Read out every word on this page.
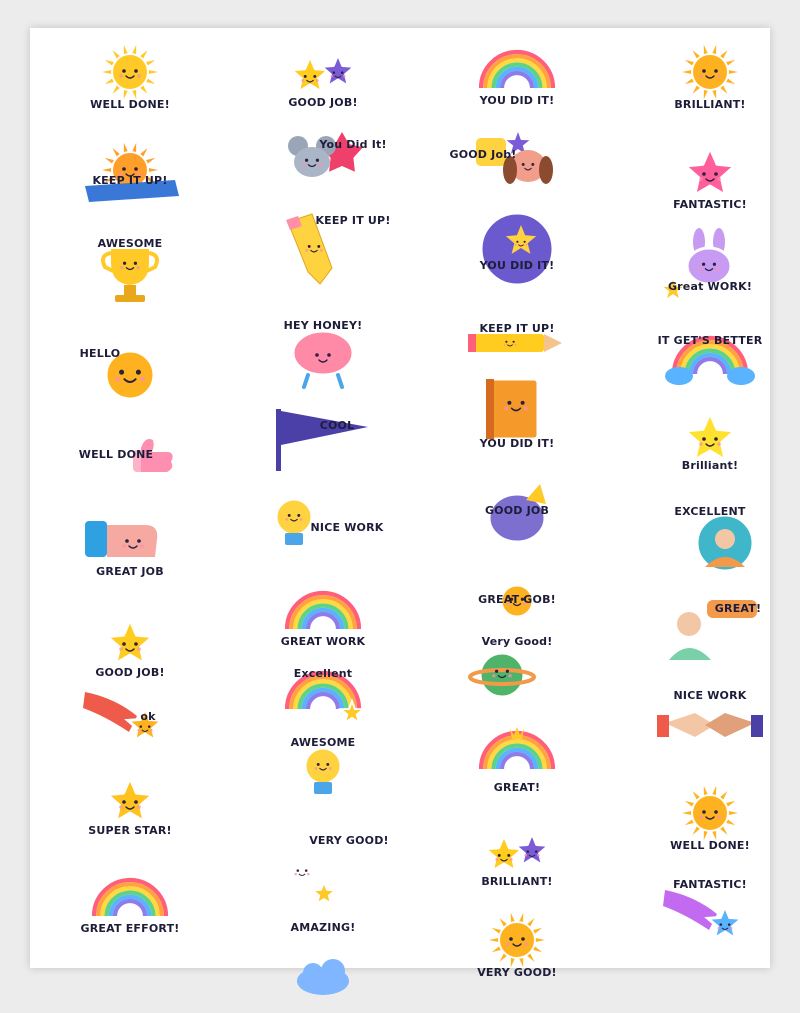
WELL DONE!
KEEP IT UP!
AWESOME
HELLO
WELL DONE
GREAT JOB
GOOD JOB!
ok
SUPER STAR!
GREAT EFFORT!
GOOD JOB!
You Did It!
KEEP IT UP!
HEY HONEY!
COOL
NICE WORK
GREAT WORK
Excellent
AWESOME
VERY GOOD!
AMAZING!
YOU DID IT!
GOOD Job!
YOU DID IT!
KEEP IT UP!
YOU DID IT!
GOOD JOB
GREAT GOB!
Very Good!
GREAT!
BRILLIANT!
VERY GOOD!
BRILLIANT!
FANTASTIC!
Great WORK!
IT GET'S BETTER
Brilliant!
EXCELLENT
GREAT!
NICE WORK
WELL DONE!
FANTASTIC!
